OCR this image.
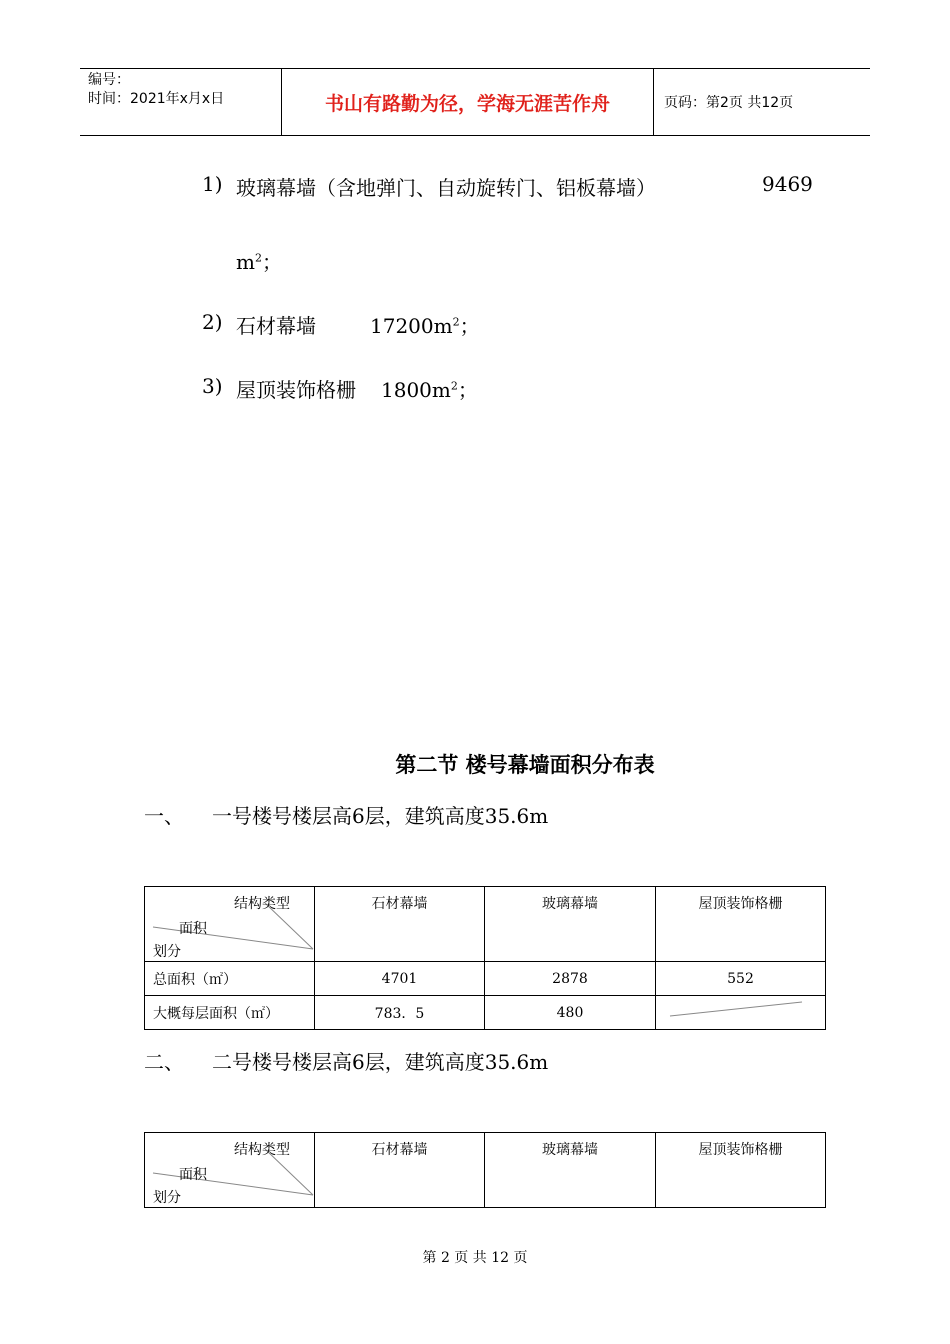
编号：
时间：2021年x月x日	书山有路勤为径，学海无涯苦作舟	页码：第2页 共12页
1) 玻璃幕墙（含地弹门、自动旋转门、铝板幕墙）	9469
$m^2$；
2) 石材幕墙	$17200m^2$；
3) 屋顶装饰格栅 $1800m^2$；
第二节 楼号幕墙面积分布表
一、 一号楼号楼层高6层，建筑高度35.6m
结构类型
面积
划分	石材幕墙	玻璃幕墙	屋顶装饰格栅
总面积（㎡）	4701	2878	552
大概每层面积（㎡）	783．5	480	
二、 二号楼号楼层高6层，建筑高度35.6m
结构类型
面积
划分
	石材幕墙	玻璃幕墙	屋顶装饰格栅
第 2 页 共 12 页
